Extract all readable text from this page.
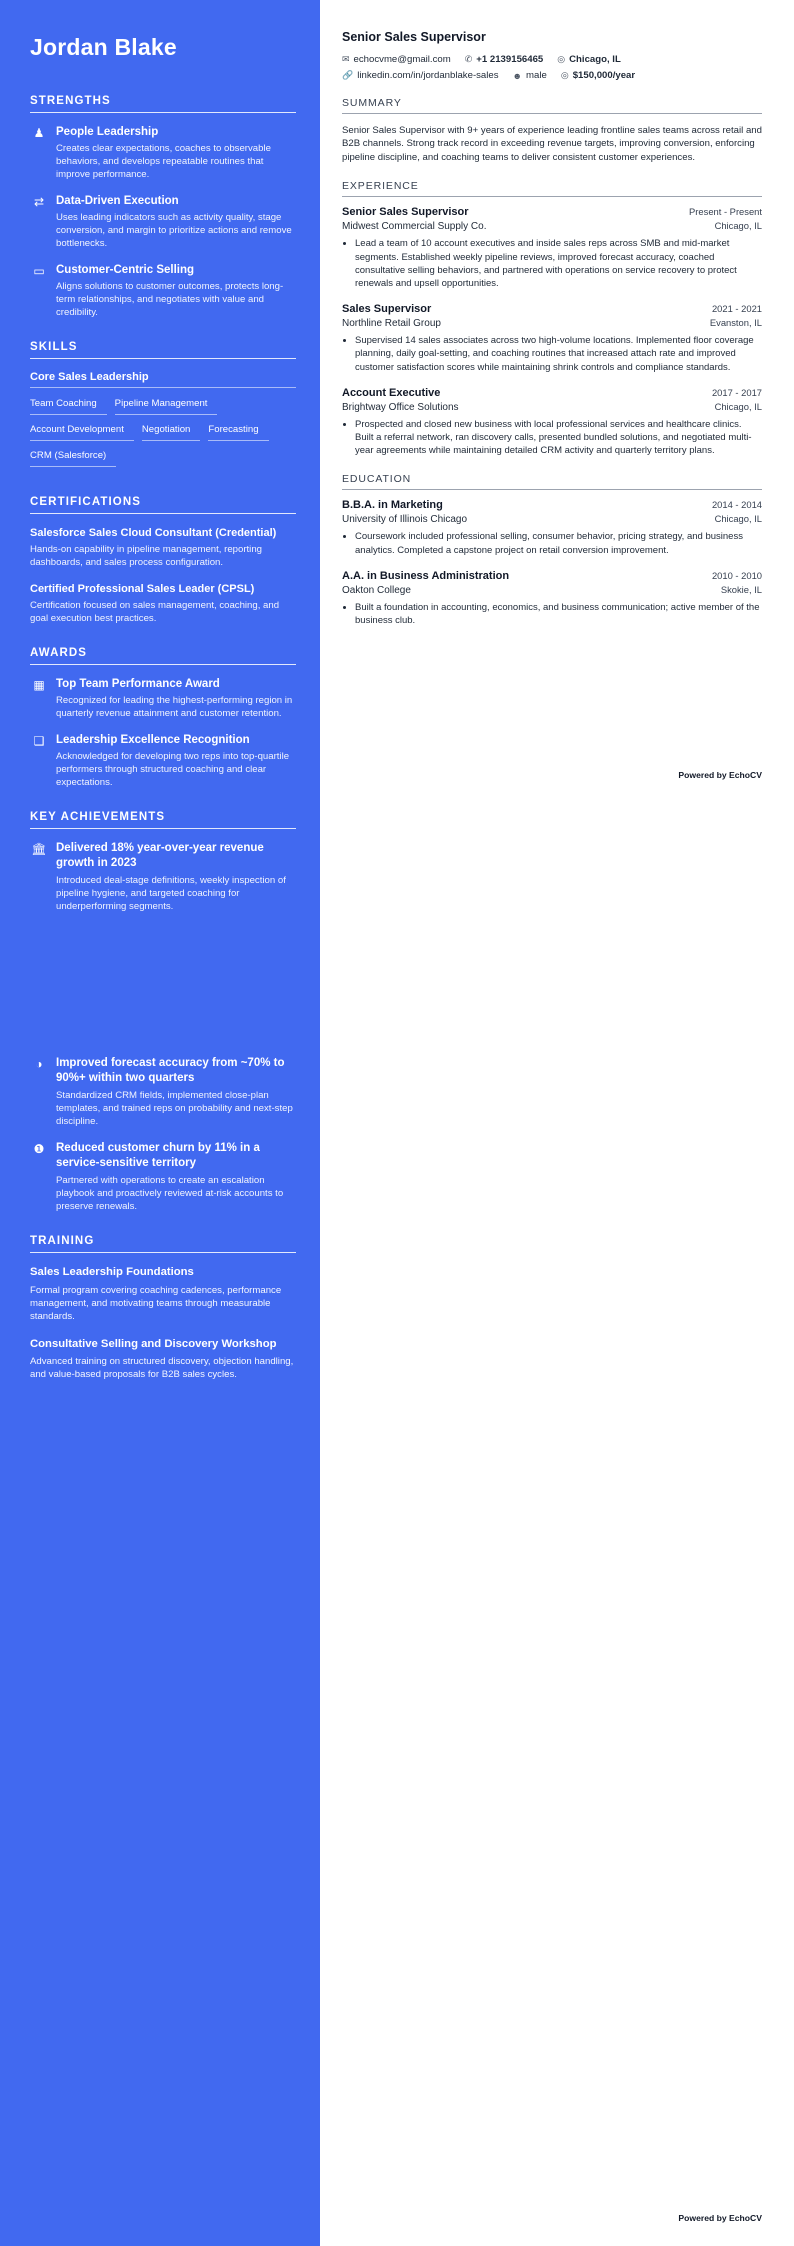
Jordan Blake
STRENGTHS
♟	People Leadership
Creates clear expectations, coaches to observable behaviors, and develops repeatable routines that improve performance.
⇄	Data-Driven Execution
Uses leading indicators such as activity quality, stage conversion, and margin to prioritize actions and remove bottlenecks.
▭ Customer-Centric Selling
Aligns solutions to customer outcomes, protects long-term relationships, and negotiates with value and credibility.
SKILLS
Core Sales Leadership
Team Coaching	Pipeline Management
Account Development	Negotiation	Forecasting
CRM (Salesforce)
CERTIFICATIONS
Salesforce Sales Cloud Consultant (Credential)
Hands-on capability in pipeline management, reporting dashboards, and sales process configuration.
Certified Professional Sales Leader (CPSL)
Certification focused on sales management, coaching, and goal execution best practices.
AWARDS
▦ Top Team Performance Award
Recognized for leading the highest-performing region in quarterly revenue attainment and customer retention.
❑	Leadership Excellence Recognition
Acknowledged for developing two reps into top-quartile performers through structured coaching and clear expectations.
KEY ACHIEVEMENTS
🏛 Delivered 18% year-over-year revenue growth in 2023
Introduced deal-stage definitions, weekly inspection of pipeline hygiene, and targeted coaching for underperforming segments.
◑	Improved forecast accuracy from ~70% to 90%+ within two quarters
Standardized CRM fields, implemented close-plan templates, and trained reps on probability and next-step discipline.
❶	Reduced customer churn by 11% in a service-sensitive territory
Partnered with operations to create an escalation playbook and proactively reviewed at-risk accounts to preserve renewals.
TRAINING
Sales Leadership Foundations
Formal program covering coaching cadences, performance management, and motivating teams through measurable standards.
Consultative Selling and Discovery Workshop
Advanced training on structured discovery, objection handling, and value-based proposals for B2B sales cycles.
Senior Sales Supervisor
✉ echocvme@gmail.com ✆ +1 2139156465 ◎ Chicago, IL
🔗 linkedin.com/in/jordanblake-sales ☻ male ◎ $150,000/year
SUMMARY

Senior Sales Supervisor with 9+ years of experience leading frontline sales teams across retail and B2B channels. Strong track record in exceeding revenue targets, improving conversion, enforcing pipeline discipline, and coaching teams to deliver consistent customer experiences.

EXPERIENCE
Senior Sales Supervisor	Present - Present
Midwest Commercial Supply Co.	Chicago, IL
• Lead a team of 10 account executives and inside sales reps across SMB and mid-market segments. Established weekly pipeline reviews, improved forecast accuracy, coached consultative selling behaviors, and partnered with operations on service recovery to protect renewals and upsell opportunities.
Sales Supervisor	2021 - 2021
Northline Retail Group	Evanston, IL
• Supervised 14 sales associates across two high-volume locations. Implemented floor coverage planning, daily goal-setting, and coaching routines that increased attach rate and improved customer satisfaction scores while maintaining shrink controls and compliance standards.
Account Executive	2017 - 2017
Brightway Office Solutions	Chicago, IL
• Prospected and closed new business with local professional services and healthcare clinics. Built a referral network, ran discovery calls, presented bundled solutions, and negotiated multi-year agreements while maintaining detailed CRM activity and quarterly territory plans.
EDUCATION
B.B.A. in Marketing	2014 - 2014
University of Illinois Chicago	Chicago, IL
• Coursework included professional selling, consumer behavior, pricing strategy, and business analytics. Completed a capstone project on retail conversion improvement.
A.A. in Business Administration	2010 - 2010
Oakton College	Skokie, IL
• Built a foundation in accounting, economics, and business communication; active member of the business club.
Powered by EchoCV
Powered by EchoCV
